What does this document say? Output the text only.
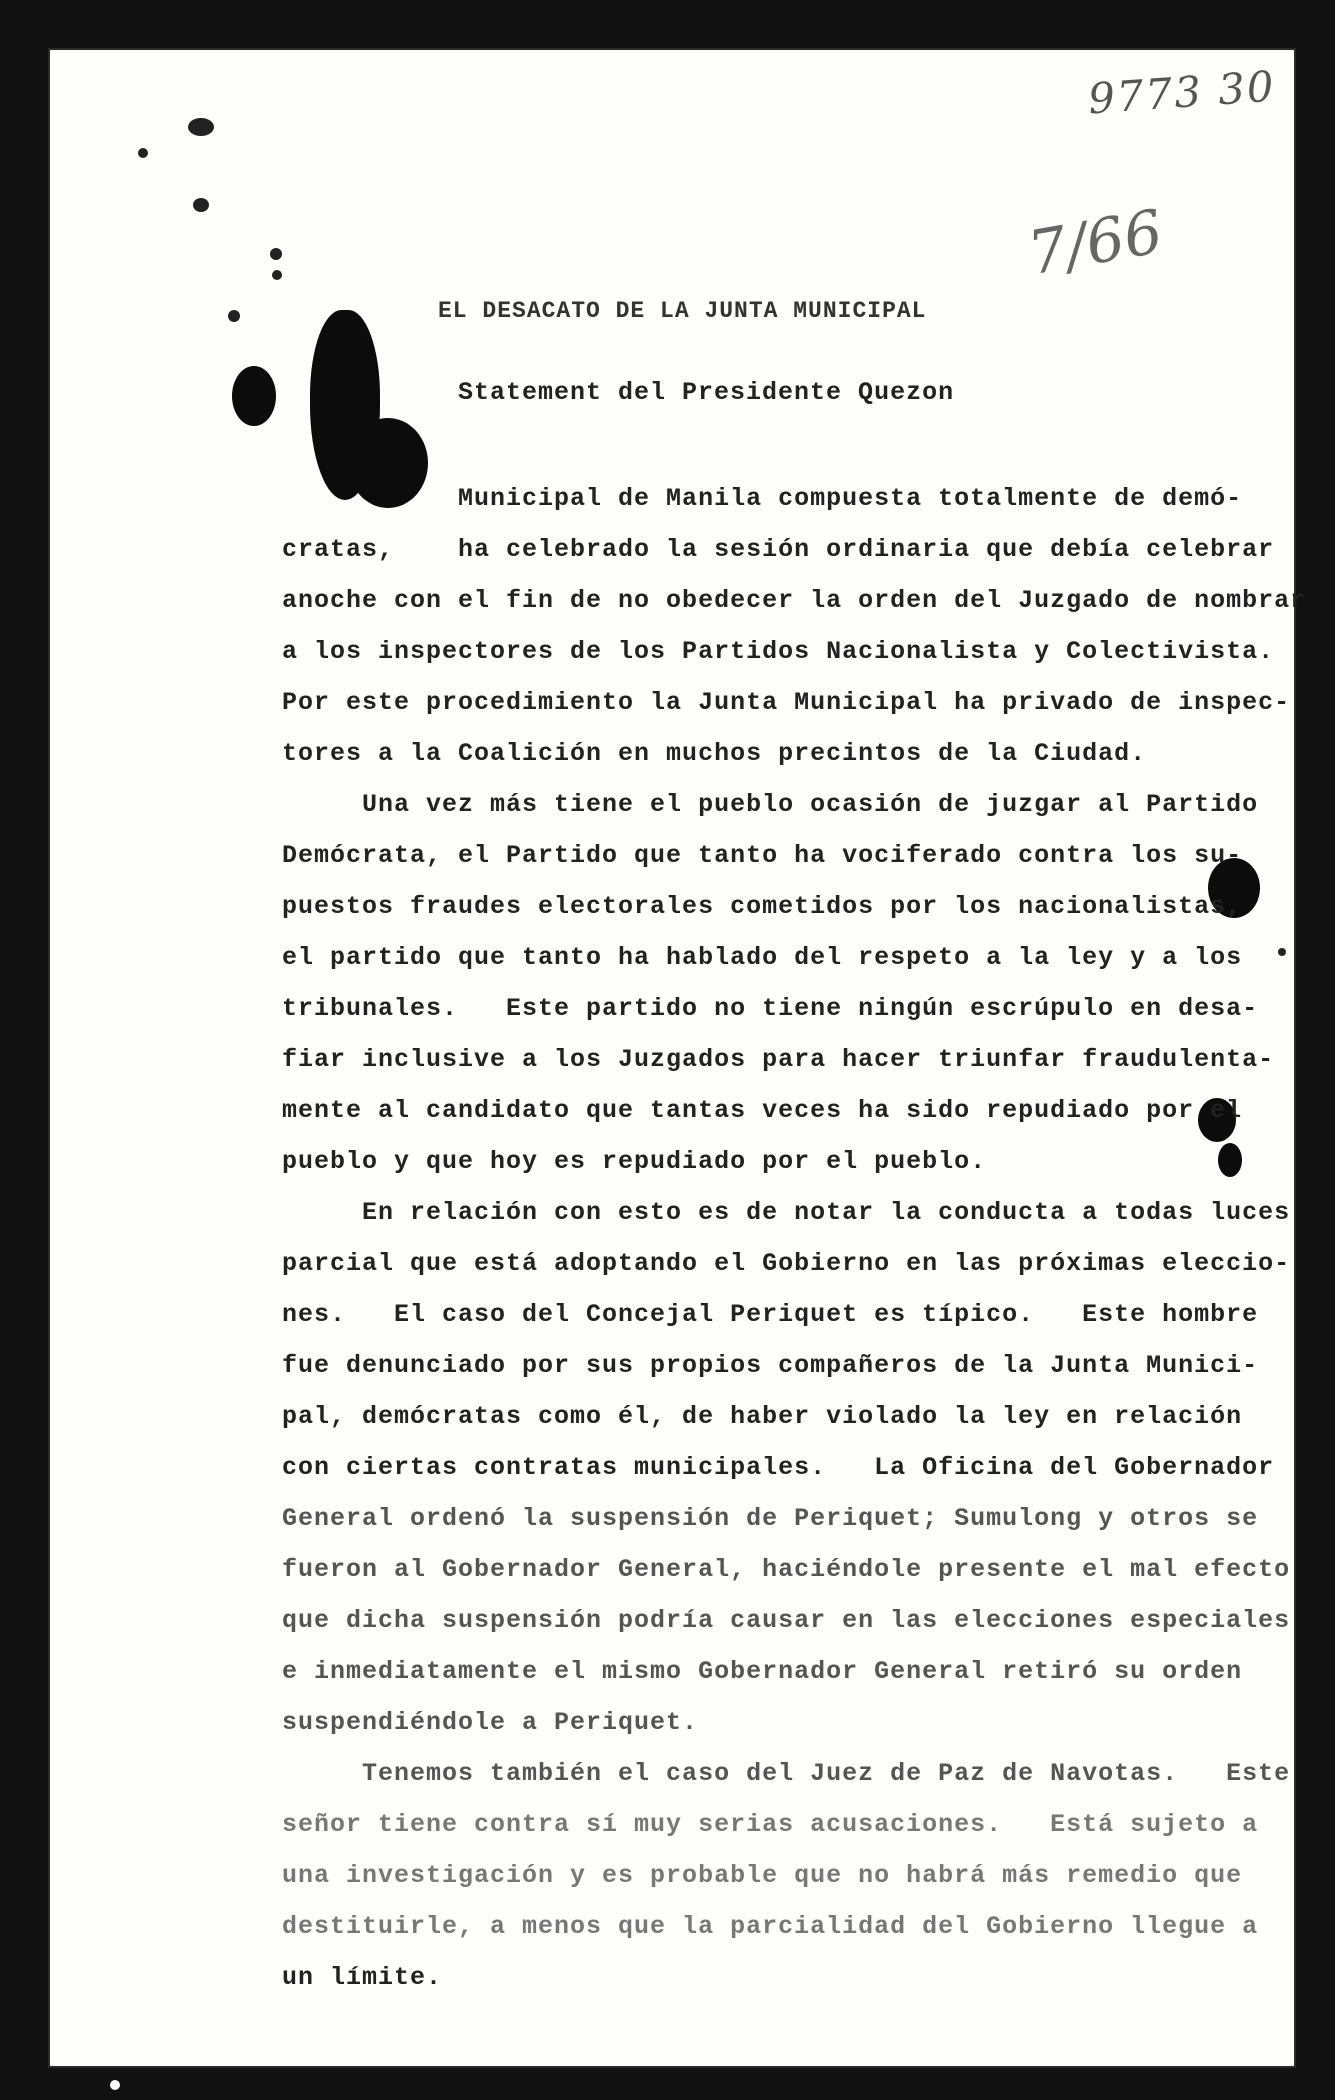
9773 30
7/66
EL DESACATO DE LA JUNTA MUNICIPAL
Statement del Presidente Quezon
Municipal de Manila compuesta totalmente de demó-
cratas,    ha celebrado la sesión ordinaria que debía celebrar
anoche con el fin de no obedecer la orden del Juzgado de nombrar
a los inspectores de los Partidos Nacionalista y Colectivista.
Por este procedimiento la Junta Municipal ha privado de inspec-
tores a la Coalición en muchos precintos de la Ciudad.
Una vez más tiene el pueblo ocasión de juzgar al Partido
Demócrata, el Partido que tanto ha vociferado contra los su-
puestos fraudes electorales cometidos por los nacionalistas,
el partido que tanto ha hablado del respeto a la ley y a los
tribunales.   Este partido no tiene ningún escrúpulo en desa-
fiar inclusive a los Juzgados para hacer triunfar fraudulenta-
mente al candidato que tantas veces ha sido repudiado por el
pueblo y que hoy es repudiado por el pueblo.
En relación con esto es de notar la conducta a todas luces
parcial que está adoptando el Gobierno en las próximas eleccio-
nes.   El caso del Concejal Periquet es típico.   Este hombre
fue denunciado por sus propios compañeros de la Junta Munici-
pal, demócratas como él, de haber violado la ley en relación
con ciertas contratas municipales.   La Oficina del Gobernador
General ordenó la suspensión de Periquet; Sumulong y otros se
fueron al Gobernador General, haciéndole presente el mal efecto
que dicha suspensión podría causar en las elecciones especiales
e inmediatamente el mismo Gobernador General retiró su orden
suspendiéndole a Periquet.
Tenemos también el caso del Juez de Paz de Navotas.   Este
señor tiene contra sí muy serias acusaciones.   Está sujeto a
una investigación y es probable que no habrá más remedio que
destituirle, a menos que la parcialidad del Gobierno llegue a
un límite.
